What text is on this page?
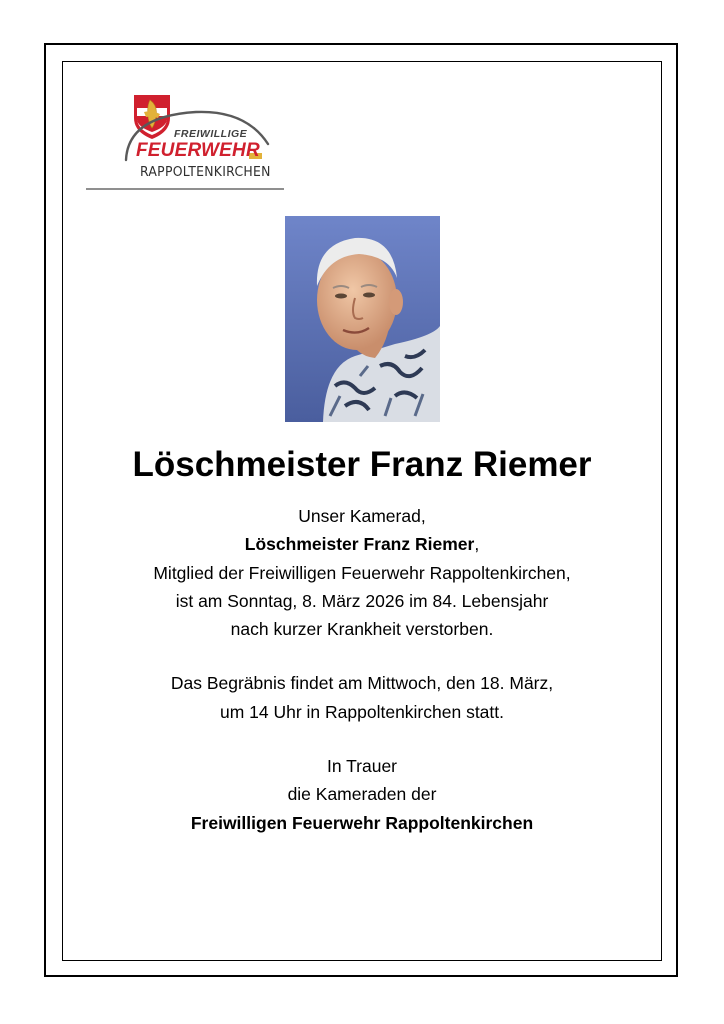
FREIWILLIGE
FEUERWEHR
RAPPOLTENKIRCHEN
Löschmeister Franz Riemer
Unser Kamerad,
Löschmeister Franz Riemer,
Mitglied der Freiwilligen Feuerwehr Rappoltenkirchen,
ist am Sonntag, 8. März 2026 im 84. Lebensjahr
nach kurzer Krankheit verstorben.
Das Begräbnis findet am Mittwoch, den 18. März,
um 14 Uhr in Rappoltenkirchen statt.
In Trauer
die Kameraden der
Freiwilligen Feuerwehr Rappoltenkirchen
